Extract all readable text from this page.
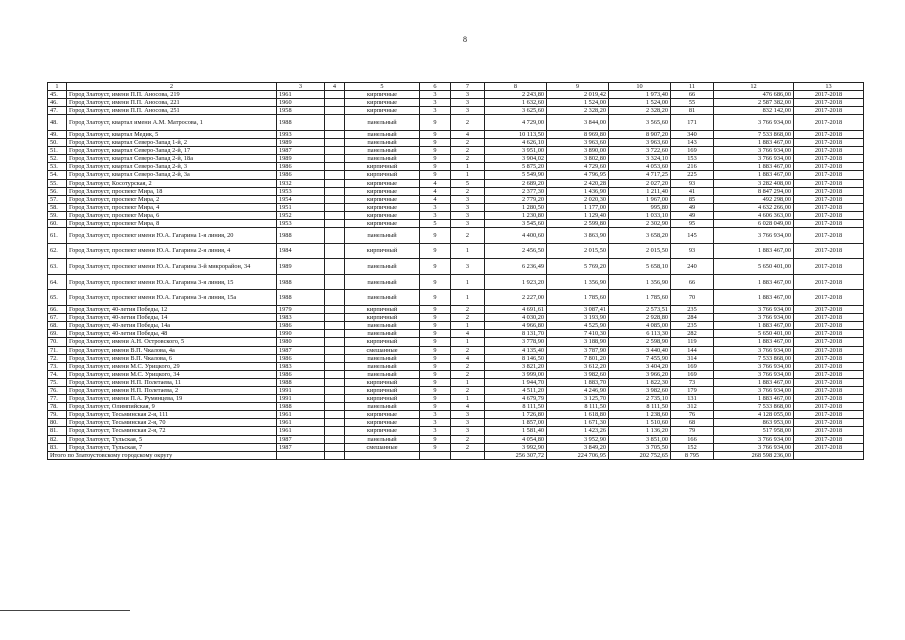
8
1	2	3	4	5	6	7	8	9	10	11	12	13
45.	Город Златоуст, имени П.П. Аносова, 219	1961		кирпичные	3	3	2 243,80	2 019,42	1 973,40	66	476 686,00	2017-2018
46.	Город Златоуст, имени П.П. Аносова, 221	1960		кирпичные	3	3	1 632,60	1 524,00	1 524,00	55	2 587 382,00	2017-2018
47.	Город Златоуст, имени П.П. Аносова, 251	1958		кирпичные	3	3	3 625,60	2 328,20	2 328,20	81	832 142,00	2017-2018
48.	Город Златоуст, квартал имени А.М. Матросова, 1	1988		панельный	9	2	4 729,00	3 844,00	3 565,60	171	3 766 934,00	2017-2018
49.	Город Златоуст, квартал Медик, 5	1993		панельный	9	4	10 113,50	8 969,80	8 907,20	340	7 533 868,00	2017-2018
50.	Город Златоуст, квартал Северо-Запад 1-й, 2	1989		панельный	9	2	4 626,10	3 963,60	3 963,60	143	1 883 467,00	2017-2018
51.	Город Златоуст, квартал Северо-Запад 2-й, 17	1987		панельный	9	2	3 951,00	3 890,00	3 722,60	169	3 766 934,00	2017-2018
52.	Город Златоуст, квартал Северо-Запад 2-й, 18а	1989		панельный	9	2	3 904,02	3 802,80	3 324,10	153	3 766 934,00	2017-2018
53.	Город Златоуст, квартал Северо-Запад 2-й, 3	1986		кирпичный	9	1	5 875,20	4 729,60	4 053,60	216	1 883 467,00	2017-2018
54.	Город Златоуст, квартал Северо-Запад 2-й, 3а	1986		кирпичный	9	1	5 549,90	4 796,95	4 717,25	225	1 883 467,00	2017-2018
55.	Город Златоуст, Косотурская, 2	1932		кирпичные	4	5	2 689,20	2 420,28	2 027,20	93	3 282 408,00	2017-2018
56.	Город Златоуст, проспект Мира, 18	1953		кирпичные	4	2	2 377,30	1 436,90	1 211,40	41	8 847 294,00	2017-2018
57.	Город Златоуст, проспект Мира, 2	1954		кирпичные	4	3	2 779,20	2 020,30	1 967,00	85	492 298,00	2017-2018
58.	Город Златоуст, проспект Мира, 4	1951		кирпичные	3	3	1 280,50	1 177,00	995,80	49	4 632 266,00	2017-2018
59.	Город Златоуст, проспект Мира, 6	1952		кирпичные	3	3	1 230,80	1 129,40	1 033,10	49	4 606 363,00	2017-2018
60.	Город Златоуст, проспект Мира, 8	1953		кирпичные	5	3	3 545,60	2 599,80	2 302,90	95	6 028 049,00	2017-2018
61.	Город Златоуст, проспект имени Ю.А. Гагарина 1-я линия, 20	1988		панельный	9	2	4 400,60	3 863,90	3 658,20	145	3 766 934,00	2017-2018
62.	Город Златоуст, проспект имени Ю.А. Гагарина 2-я линия, 4	1984		кирпичный	9	1	2 456,50	2 015,50	2 015,50	93	1 883 467,00	2017-2018
63.	Город Златоуст, проспект имени Ю.А. Гагарина 3-й микрорайон, 34	1989		панельный	9	3	6 236,49	5 769,20	5 658,10	240	5 650 401,00	2017-2018
64.	Город Златоуст, проспект имени Ю.А. Гагарина 3-я линия, 15	1988		панельный	9	1	1 923,20	1 356,90	1 356,90	66	1 883 467,00	2017-2018
65.	Город Златоуст, проспект имени Ю.А. Гагарина 3-я линия, 15а	1988		панельный	9	1	2 227,00	1 785,60	1 785,60	70	1 883 467,00	2017-2018
66.	Город Златоуст, 40-летия Победы, 12	1979		кирпичный	9	2	4 691,61	3 087,41	2 573,51	235	3 766 934,00	2017-2018
67.	Город Златоуст, 40-летия Победы, 14	1983		кирпичный	9	2	4 030,20	3 193,90	2 928,80	284	3 766 934,00	2017-2018
68.	Город Златоуст, 40-летия Победы, 14а	1986		панельный	9	1	4 966,80	4 525,90	4 085,00	235	1 883 467,00	2017-2018
69.	Город Златоуст, 40-летия Победы, 48	1990		панельный	9	4	8 131,70	7 410,30	6 113,30	282	5 650 401,00	2017-2018
70.	Город Златоуст, имени А.Н. Островского, 5	1980		кирпичный	9	1	3 778,90	3 188,90	2 598,90	119	1 883 467,00	2017-2018
71.	Город Златоуст, имени В.П. Чкалова, 4а	1987		смешанные	9	2	4 135,40	3 787,90	3 440,40	144	3 766 934,00	2017-2018
72.	Город Златоуст, имени В.П. Чкалова, 6	1986		панельный	9	4	8 146,50	7 801,20	7 455,90	314	7 533 868,00	2017-2018
73.	Город Златоуст, имени М.С. Урицкого, 29	1983		панельный	9	2	3 821,20	3 612,20	3 404,20	169	3 766 934,00	2017-2018
74.	Город Златоуст, имени М.С. Урицкого, 34	1986		панельный	9	2	3 999,00	3 982,60	3 966,20	169	3 766 934,00	2017-2018
75.	Город Златоуст, имени Н.П. Полетаева, 11	1988		кирпичный	9	1	1 944,70	1 883,70	1 822,30	73	1 883 467,00	2017-2018
76.	Город Златоуст, имени Н.П. Полетаева, 2	1991		кирпичный	9	2	4 511,20	4 246,90	3 982,60	179	3 766 934,00	2017-2018
77.	Город Златоуст, имени П.А. Румянцева, 19	1991		кирпичный	9	1	4 679,79	3 125,70	2 735,10	131	1 883 467,00	2017-2018
78.	Город Златоуст, Олимпийская, 9	1988		панельный	9	4	8 111,50	8 111,50	8 111,50	312	7 533 868,00	2017-2018
79.	Город Златоуст, Тесьминская 2-я, 111	1961		кирпичные	3	3	1 726,80	1 618,80	1 238,60	76	4 128 055,00	2017-2018
80.	Город Златоуст, Тесьминская 2-я, 70	1961		кирпичные	3	3	1 857,00	1 671,30	1 510,60	68	863 953,00	2017-2018
81.	Город Златоуст, Тесьминская 2-я, 72	1961		кирпичные	3	3	1 581,40	1 423,26	1 136,20	79	517 958,00	2017-2018
82.	Город Златоуст, Тульская, 5	1987		панельный	9	2	4 054,80	3 952,90	3 851,00	166	3 766 934,00	2017-2018
83.	Город Златоуст, Тульская, 7	1987		смешанные	9	2	3 992,90	3 849,20	3 705,50	152	3 766 934,00	2017-2018
Итого по Златоустовскому городскому округу							256 307,72	224 706,95	202 752,65	8 795	268 598 236,00	
